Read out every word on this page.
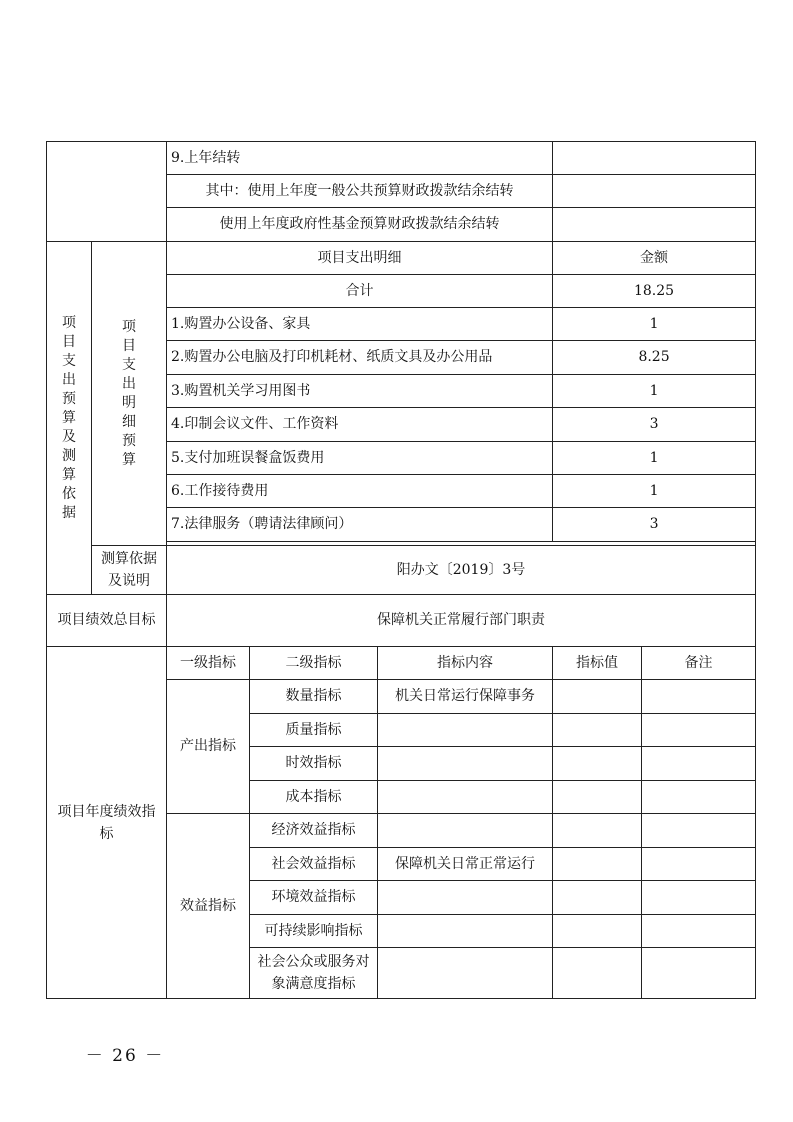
		9.上年结转				
		其中：使用上年度一般公共预算财政拨款结余结转				
		使用上年度政府性基金预算财政拨款结余结转				
项目支出预算及测算依据	项目支出明细预算	项目支出明细			金额	
		合计			18.25	
		1.购置办公设备、家具			1	
		2.购置办公电脑及打印机耗材、纸质文具及办公用品			8.25	
		3.购置机关学习用图书			1	
		4.印制会议文件、工作资料			3	
		5.支付加班误餐盒饭费用			1	
		6.工作接待费用			1	
		7.法律服务（聘请法律顾问）			3	

	测算依据及说明	阳办文〔2019〕3号				
项目绩效总目标		保障机关正常履行部门职责				
项目年度绩效指标		一级指标	二级指标	指标内容	指标值	备注
		产出指标	数量指标	机关日常运行保障事务		
			质量指标			
			时效指标			
			成本指标			
		效益指标	经济效益指标			
			社会效益指标	保障机关日常正常运行		
			环境效益指标			
			可持续影响指标			
			社会公众或服务对象满意度指标			
－ 26 －
